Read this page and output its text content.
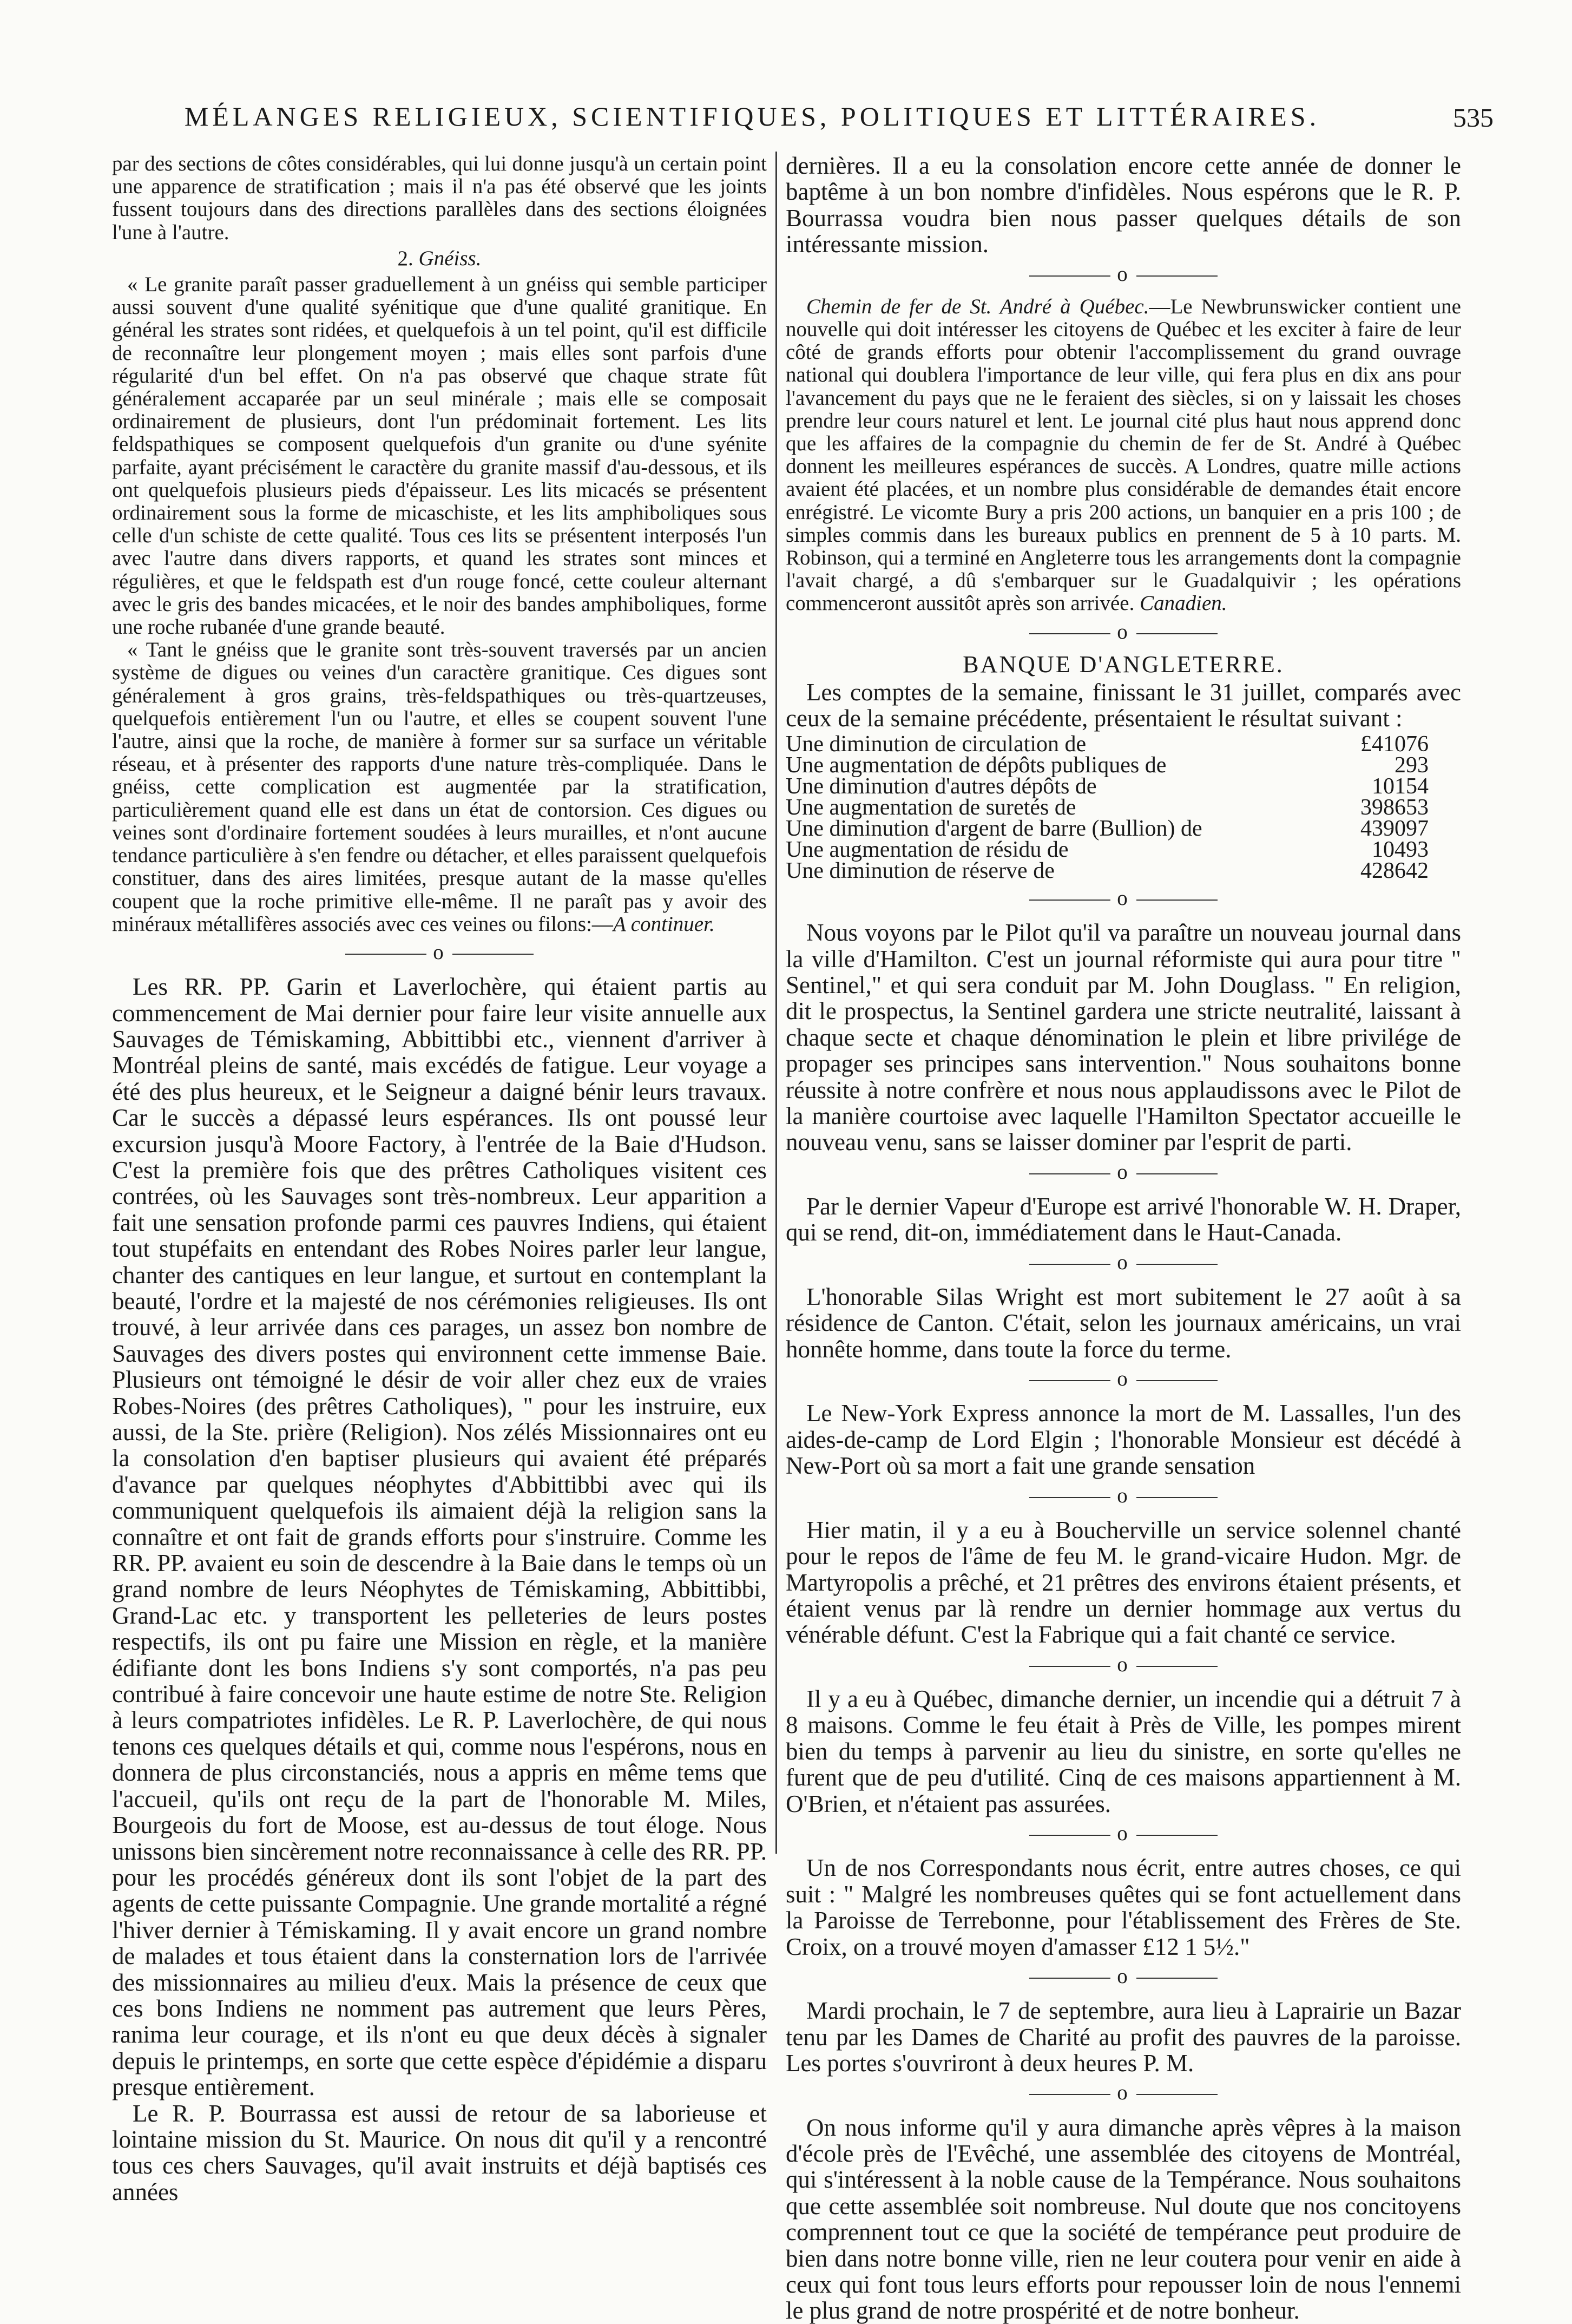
MÉLANGES RELIGIEUX, SCIENTIFIQUES, POLITIQUES ET LITTÉRAIRES.	535

par des sections de côtes considérables, qui lui donne jusqu'à un certain point une apparence de stratification ; mais il n'a pas été observé que les joints fussent toujours dans des directions parallèles dans des sections éloignées l'une à l'autre.

2. Gnéiss.

« Le granite paraît passer graduellement à un gnéiss qui semble participer aussi souvent d'une qualité syénitique que d'une qualité granitique. En général les strates sont ridées, et quelquefois à un tel point, qu'il est difficile de reconnaître leur plongement moyen ; mais elles sont parfois d'une régularité d'un bel effet. On n'a pas observé que chaque strate fût généralement accaparée par un seul minérale ; mais elle se composait ordinairement de plusieurs, dont l'un prédominait fortement. Les lits feldspathiques se composent quelquefois d'un granite ou d'une syénite parfaite, ayant précisément le caractère du granite massif d'au-dessous, et ils ont quelquefois plusieurs pieds d'épaisseur. Les lits micacés se présentent ordinairement sous la forme de micaschiste, et les lits amphiboliques sous celle d'un schiste de cette qualité. Tous ces lits se présentent interposés l'un avec l'autre dans divers rapports, et quand les strates sont minces et régulières, et que le feldspath est d'un rouge foncé, cette couleur alternant avec le gris des bandes micacées, et le noir des bandes amphiboliques, forme une roche rubanée d'une grande beauté.

« Tant le gnéiss que le granite sont très-souvent traversés par un ancien système de digues ou veines d'un caractère granitique. Ces digues sont généralement à gros grains, très-feldspathiques ou très-quartzeuses, quelquefois entièrement l'un ou l'autre, et elles se coupent souvent l'une l'autre, ainsi que la roche, de manière à former sur sa surface un véritable réseau, et à présenter des rapports d'une nature très-compliquée. Dans le gnéiss, cette complication est augmentée par la stratification, particulièrement quand elle est dans un état de contorsion. Ces digues ou veines sont d'ordinaire fortement soudées à leurs murailles, et n'ont aucune tendance particulière à s'en fendre ou détacher, et elles paraissent quelquefois constituer, dans des aires limitées, presque autant de la masse qu'elles coupent que la roche primitive elle-même. Il ne paraît pas y avoir des minéraux métallifères associés avec ces veines ou filons:—A continuer.

o

Les RR. PP. Garin et Laverlochère, qui étaient partis au commencement de Mai dernier pour faire leur visite annuelle aux Sauvages de Témiskaming, Abbittibbi etc., viennent d'arriver à Montréal pleins de santé, mais excédés de fatigue. Leur voyage a été des plus heureux, et le Seigneur a daigné bénir leurs travaux. Car le succès a dépassé leurs espérances. Ils ont poussé leur excursion jusqu'à Moore Factory, à l'entrée de la Baie d'Hudson. C'est la première fois que des prêtres Catholiques visitent ces contrées, où les Sauvages sont très-nombreux. Leur apparition a fait une sensation profonde parmi ces pauvres Indiens, qui étaient tout stupéfaits en entendant des Robes Noires parler leur langue, chanter des cantiques en leur langue, et surtout en contemplant la beauté, l'ordre et la majesté de nos cérémonies religieuses. Ils ont trouvé, à leur arrivée dans ces parages, un assez bon nombre de Sauvages des divers postes qui environnent cette immense Baie. Plusieurs ont témoigné le désir de voir aller chez eux de vraies Robes-Noires (des prêtres Catholiques), " pour les instruire, eux aussi, de la Ste. prière (Religion). Nos zélés Missionnaires ont eu la consolation d'en baptiser plusieurs qui avaient été préparés d'avance par quelques néophytes d'Abbittibbi avec qui ils communiquent quelquefois ils aimaient déjà la religion sans la connaître et ont fait de grands efforts pour s'instruire. Comme les RR. PP. avaient eu soin de descendre à la Baie dans le temps où un grand nombre de leurs Néophytes de Témiskaming, Abbittibbi, Grand-Lac etc. y transportent les pelleteries de leurs postes respectifs, ils ont pu faire une Mission en règle, et la manière édifiante dont les bons Indiens s'y sont comportés, n'a pas peu contribué à faire concevoir une haute estime de notre Ste. Religion à leurs compatriotes infidèles. Le R. P. Laverlochère, de qui nous tenons ces quelques détails et qui, comme nous l'espérons, nous en donnera de plus circonstanciés, nous a appris en même tems que l'accueil, qu'ils ont reçu de la part de l'honorable M. Miles, Bourgeois du fort de Moose, est au-dessus de tout éloge. Nous unissons bien sincèrement notre reconnaissance à celle des RR. PP. pour les procédés généreux dont ils sont l'objet de la part des agents de cette puissante Compagnie. Une grande mortalité a régné l'hiver dernier à Témiskaming. Il y avait encore un grand nombre de malades et tous étaient dans la consternation lors de l'arrivée des missionnaires au milieu d'eux. Mais la présence de ceux que ces bons Indiens ne nomment pas autrement que leurs Pères, ranima leur courage, et ils n'ont eu que deux décès à signaler depuis le printemps, en sorte que cette espèce d'épidémie a disparu presque entièrement.

Le R. P. Bourrassa est aussi de retour de sa laborieuse et lointaine mission du St. Maurice. On nous dit qu'il y a rencontré tous ces chers Sauvages, qu'il avait instruits et déjà baptisés ces années

dernières. Il a eu la consolation encore cette année de donner le baptême à un bon nombre d'infidèles. Nous espérons que le R. P. Bourrassa voudra bien nous passer quelques détails de son intéressante mission.

o

Chemin de fer de St. André à Québec.—Le Newbrunswicker contient une nouvelle qui doit intéresser les citoyens de Québec et les exciter à faire de leur côté de grands efforts pour obtenir l'accomplissement du grand ouvrage national qui doublera l'importance de leur ville, qui fera plus en dix ans pour l'avancement du pays que ne le feraient des siècles, si on y laissait les choses prendre leur cours naturel et lent. Le journal cité plus haut nous apprend donc que les affaires de la compagnie du chemin de fer de St. André à Québec donnent les meilleures espérances de succès. A Londres, quatre mille actions avaient été placées, et un nombre plus considérable de demandes était encore enrégistré. Le vicomte Bury a pris 200 actions, un banquier en a pris 100 ; de simples commis dans les bureaux publics en prennent de 5 à 10 parts. M. Robinson, qui a terminé en Angleterre tous les arrangements dont la compagnie l'avait chargé, a dû s'embarquer sur le Guadalquivir ; les opérations commenceront aussitôt après son arrivée. Canadien.

o
BANQUE D'ANGLETERRE.

Les comptes de la semaine, finissant le 31 juillet, comparés avec ceux de la semaine précédente, présentaient le résultat suivant :

Une diminution de circulation de	£41076
Une augmentation de dépôts publiques de	293
Une diminution d'autres dépôts de	10154
Une augmentation de suretés de	398653
Une diminution d'argent de barre (Bullion) de	439097
Une augmentation de résidu de	10493
Une diminution de réserve de	428642
o

Nous voyons par le Pilot qu'il va paraître un nouveau journal dans la ville d'Hamilton. C'est un journal réformiste qui aura pour titre " Sentinel," et qui sera conduit par M. John Douglass. " En religion, dit le prospectus, la Sentinel gardera une stricte neutralité, laissant à chaque secte et chaque dénomination le plein et libre privilége de propager ses principes sans intervention." Nous souhaitons bonne réussite à notre confrère et nous nous applaudissons avec le Pilot de la manière courtoise avec laquelle l'Hamilton Spectator accueille le nouveau venu, sans se laisser dominer par l'esprit de parti.

o

Par le dernier Vapeur d'Europe est arrivé l'honorable W. H. Draper, qui se rend, dit-on, immédiatement dans le Haut-Canada.

o

L'honorable Silas Wright est mort subitement le 27 août à sa résidence de Canton. C'était, selon les journaux américains, un vrai honnête homme, dans toute la force du terme.

o

Le New-York Express annonce la mort de M. Lassalles, l'un des aides-de-camp de Lord Elgin ; l'honorable Monsieur est décédé à New-Port où sa mort a fait une grande sensation

o

Hier matin, il y a eu à Boucherville un service solennel chanté pour le repos de l'âme de feu M. le grand-vicaire Hudon. Mgr. de Martyropolis a prêché, et 21 prêtres des environs étaient présents, et étaient venus par là rendre un dernier hommage aux vertus du vénérable défunt. C'est la Fabrique qui a fait chanté ce service.

o

Il y a eu à Québec, dimanche dernier, un incendie qui a détruit 7 à 8 maisons. Comme le feu était à Près de Ville, les pompes mirent bien du temps à parvenir au lieu du sinistre, en sorte qu'elles ne furent que de peu d'utilité. Cinq de ces maisons appartiennent à M. O'Brien, et n'étaient pas assurées.

o

Un de nos Correspondants nous écrit, entre autres choses, ce qui suit : " Malgré les nombreuses quêtes qui se font actuellement dans la Paroisse de Terrebonne, pour l'établissement des Frères de Ste. Croix, on a trouvé moyen d'amasser £12 1 5½."

o

Mardi prochain, le 7 de septembre, aura lieu à Laprairie un Bazar tenu par les Dames de Charité au profit des pauvres de la paroisse. Les portes s'ouvriront à deux heures P. M.

o

On nous informe qu'il y aura dimanche après vêpres à la maison d'école près de l'Evêché, une assemblée des citoyens de Montréal, qui s'intéressent à la noble cause de la Tempérance. Nous souhaitons que cette assemblée soit nombreuse. Nul doute que nos concitoyens comprennent tout ce que la société de tempérance peut produire de bien dans notre bonne ville, rien ne leur coutera pour venir en aide à ceux qui font tous leurs efforts pour repousser loin de nous l'ennemi le plus grand de notre prospérité et de notre bonheur.
